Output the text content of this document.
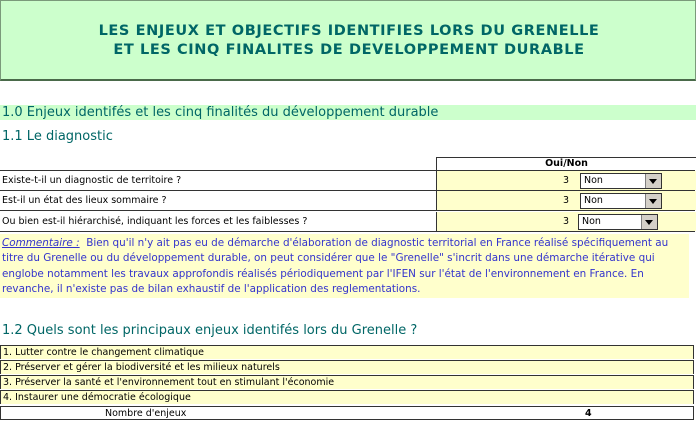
LES ENJEUX ET OBJECTIFS IDENTIFIES LORS DU GRENELLE
ET LES CINQ FINALITES DE DEVELOPPEMENT DURABLE
1.0 Enjeux identifés et les cinq finalités du développement durable
1.1 Le diagnostic
Oui/Non
Existe-t-il un diagnostic de territoire ?	3 Non
Est-il un état des lieux sommaire ?	3 Non
Ou bien est-il hiérarchisé, indiquant les forces et les faiblesses ?	3 Non
Commentaire : Bien qu'il n'y ait pas eu de démarche d'élaboration de diagnostic territorial en France réalisé spécifiquement au titre du Grenelle ou du développement durable, on peut considérer que le "Grenelle" s'incrit dans une démarche itérative qui englobe notamment les travaux approfondis réalisés périodiquement par l'IFEN sur l'état de l'environnement en France. En revanche, il n'existe pas de bilan exhaustif de l'application des reglementations.
1.2 Quels sont les principaux enjeux identifés lors du Grenelle ?
1. Lutter contre le changement climatique
2. Préserver et gérer la biodiversité et les milieux naturels
3. Préserver la santé et l'environnement tout en stimulant l'économie
4. Instaurer une démocratie écologique
Nombre d'enjeux	4
